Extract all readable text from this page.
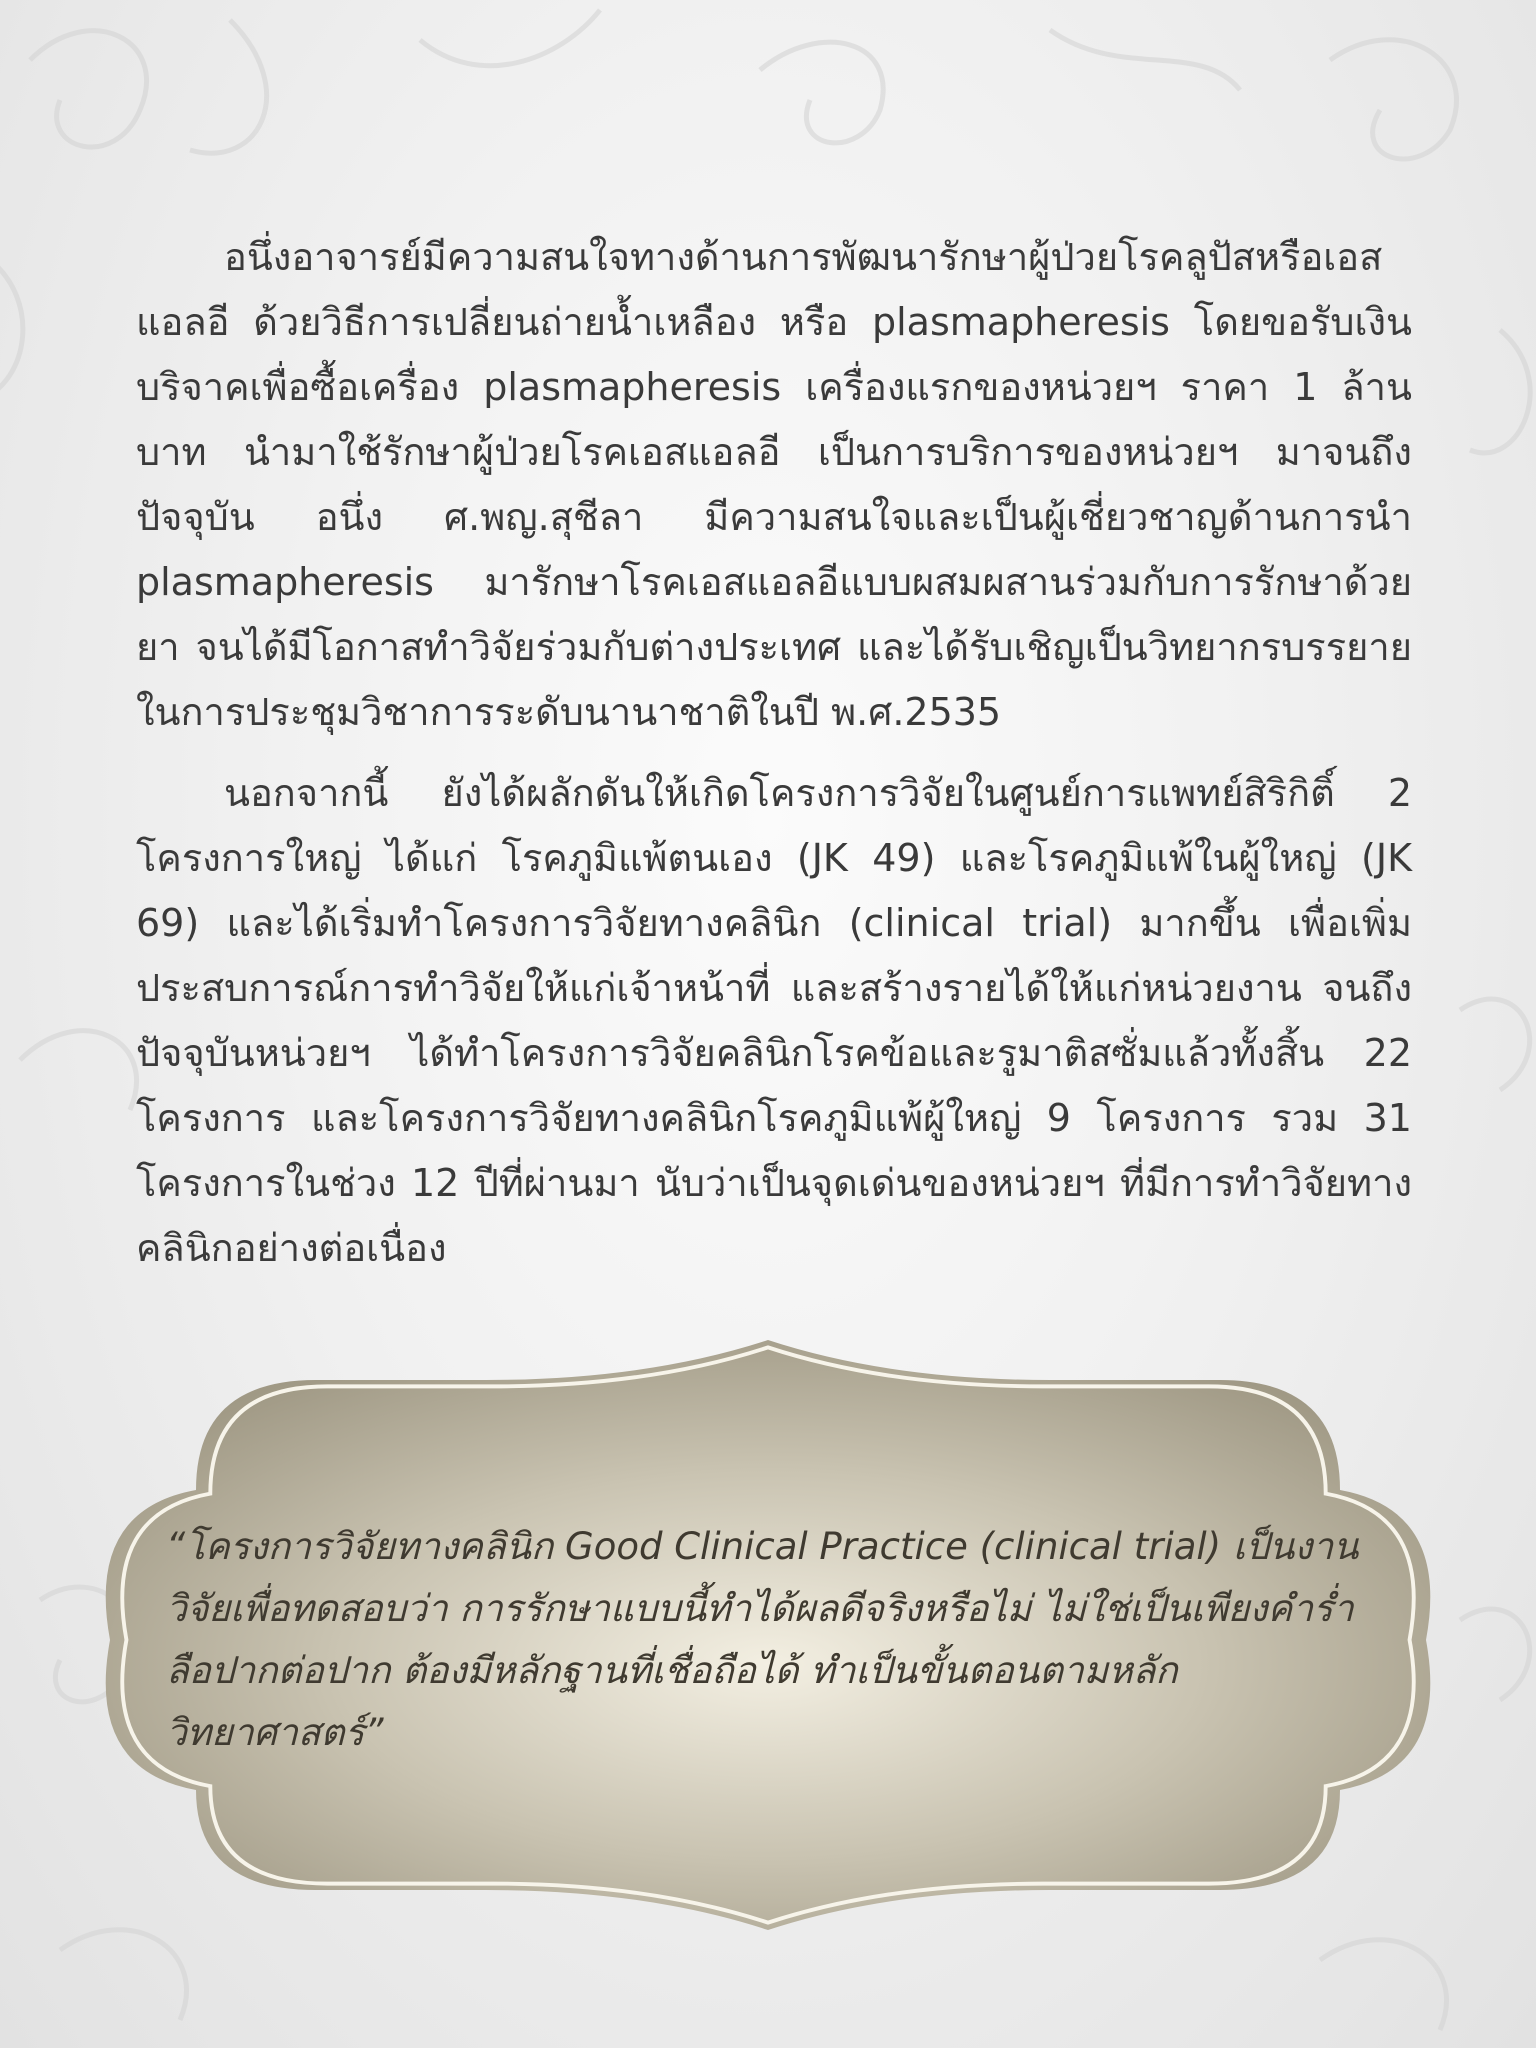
อนึ่งอาจารย์มีความสนใจทางด้านการพัฒนารักษาผู้ป่วยโรคลูปัสหรือเอสแอลอี ด้วยวิธีการเปลี่ยนถ่ายน้ำเหลือง หรือ plasmapheresis โดยขอรับเงินบริจาคเพื่อซื้อเครื่อง plasmapheresis เครื่องแรกของหน่วยฯ ราคา 1 ล้านบาท นำมาใช้รักษาผู้ป่วยโรคเอสแอลอี เป็นการบริการของหน่วยฯ มาจนถึงปัจจุบัน อนึ่ง ศ.พญ.สุชีลา มีความสนใจและเป็นผู้เชี่ยวชาญด้านการนำ plasmapheresis มารักษาโรคเอสแอลอีแบบผสมผสานร่วมกับการรักษาด้วยยา จนได้มีโอกาสทำวิจัยร่วมกับต่างประเทศ และได้รับเชิญเป็นวิทยากรบรรยายในการประชุมวิชาการระดับนานาชาติในปี พ.ศ.2535

นอกจากนี้ ยังได้ผลักดันให้เกิดโครงการวิจัยในศูนย์การแพทย์สิริกิติ์ 2 โครงการใหญ่ ได้แก่ โรคภูมิแพ้ตนเอง (JK 49) และโรคภูมิแพ้ในผู้ใหญ่ (JK 69) และได้เริ่มทำโครงการวิจัยทางคลินิก (clinical trial) มากขึ้น เพื่อเพิ่มประสบการณ์การทำวิจัยให้แก่เจ้าหน้าที่ และสร้างรายได้ให้แก่หน่วยงาน จนถึงปัจจุบันหน่วยฯ ได้ทำโครงการวิจัยคลินิกโรคข้อและรูมาติสซั่มแล้วทั้งสิ้น 22 โครงการ และโครงการวิจัยทางคลินิกโรคภูมิแพ้ผู้ใหญ่ 9 โครงการ รวม 31 โครงการในช่วง 12 ปีที่ผ่านมา นับว่าเป็นจุดเด่นของหน่วยฯ ที่มีการทำวิจัยทางคลินิกอย่างต่อเนื่อง

“โครงการวิจัยทางคลินิก Good Clinical Practice (clinical trial) เป็นงานวิจัยเพื่อทดสอบว่า การรักษาแบบนี้ทำได้ผลดีจริงหรือไม่ ไม่ใช่เป็นเพียงคำร่ำลือปากต่อปาก ต้องมีหลักฐานที่เชื่อถือได้ ทำเป็นขั้นตอนตามหลักวิทยาศาสตร์”
